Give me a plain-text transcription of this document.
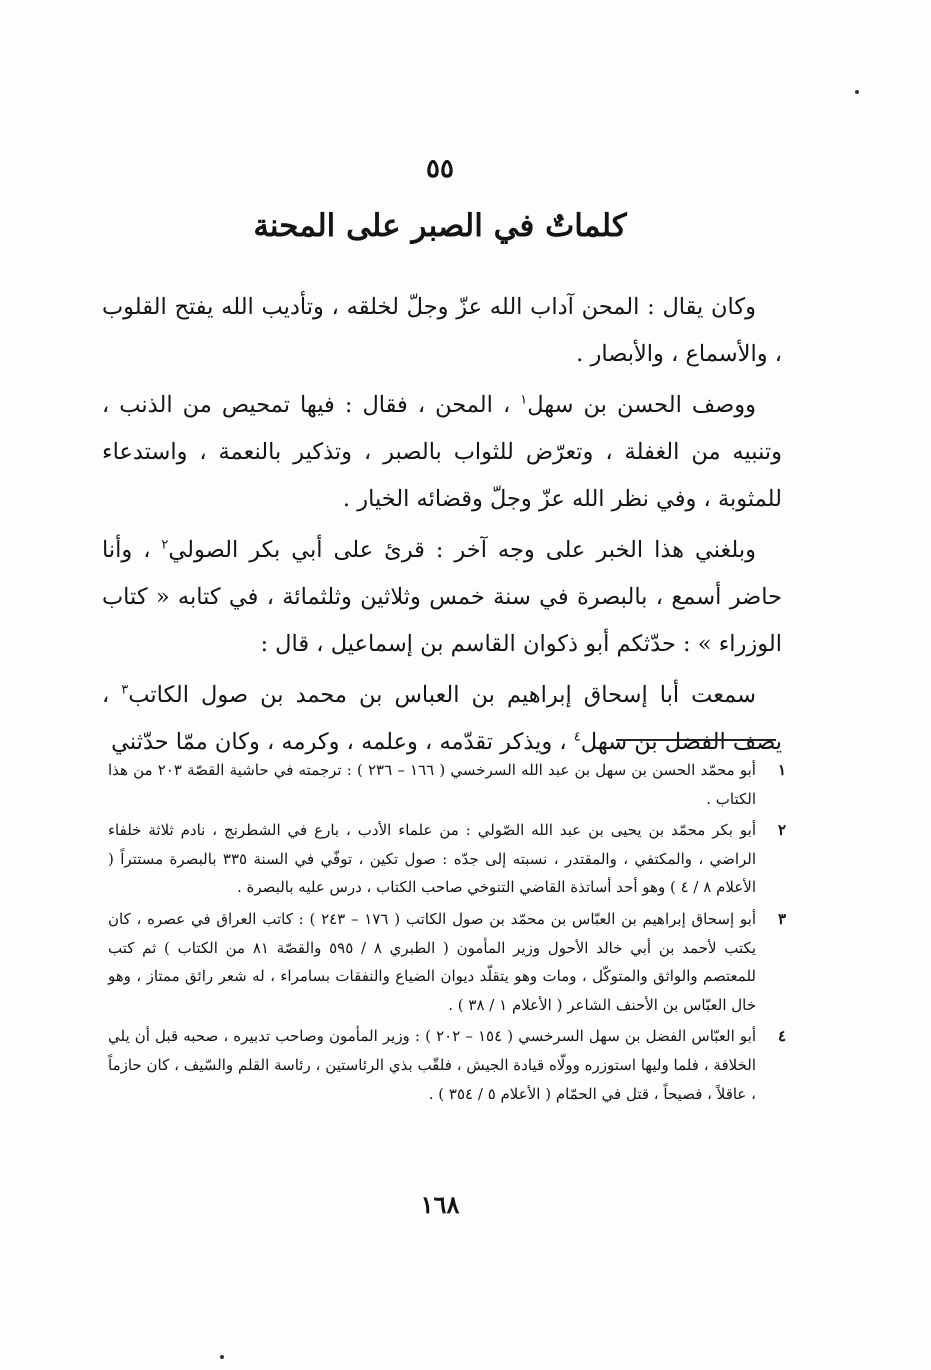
٥٥
كلماتٌ في الصبر على المحنة

وكان يقال : المحن آداب الله عزّ وجلّ لخلقه ، وتأديب الله يفتح القلوب ، والأسماع ، والأبصار .

ووصف الحسن بن سهل$^١$ ، المحن ، فقال : فيها تمحيص من الذنب ، وتنبيه من الغفلة ، وتعرّض للثواب بالصبر ، وتذكير بالنعمة ، واستدعاء للمثوبة ، وفي نظر الله عزّ وجلّ وقضائه الخيار .

وبلغني هذا الخبر على وجه آخر : قرئ على أبي بكر الصولي$^٢$ ، وأنا حاضر أسمع ، بالبصرة في سنة خمس وثلاثين وثلثمائة ، في كتابه « كتاب الوزراء » : حدّثكم أبو ذكوان القاسم بن إسماعيل ، قال :

سمعت أبا إسحاق إبراهيم بن العباس بن محمد بن صول الكاتب$^٣$ ، يصف الفضل بن سهل$^٤$ ، ويذكر تقدّمه ، وعلمه ، وكرمه ، وكان ممّا حدّثني

١
أبو محمّد الحسن بن سهل بن عبد الله السرخسي ( ١٦٦ – ٢٣٦ ) : ترجمته في حاشية القصّة ٢٠٣ من هذا الكتاب .
٢
أبو بكر محمّد بن يحيى بن عبد الله الصّولي : من علماء الأدب ، بارع في الشطرنج ، نادم ثلاثة خلفاء الراضي ، والمكتفي ، والمقتدر ، نسبته إلى جدّه : صول تكين ، توفّي في السنة ٣٣٥ بالبصرة مستتراً ( الأعلام ٨ / ٤ ) وهو أحد أساتذة القاضي التنوخي صاحب الكتاب ، درس عليه بالبصرة .
٣
أبو إسحاق إبراهيم بن العبّاس بن محمّد بن صول الكاتب ( ١٧٦ – ٢٤٣ ) : كاتب العراق في عصره ، كان يكتب لأحمد بن أبي خالد الأحول وزير المأمون ( الطبري ٨ / ٥٩٥ والقصّة ٨١ من الكتاب ) ثم كتب للمعتصم والواثق والمتوكّل ، ومات وهو يتقلّد ديوان الضياع والنفقات بسامراء ، له شعر رائق ممتاز ، وهو خال العبّاس بن الأحنف الشاعر ( الأعلام ١ / ٣٨ ) .
٤
أبو العبّاس الفضل بن سهل السرخسي ( ١٥٤ – ٢٠٢ ) : وزير المأمون وصاحب تدبيره ، صحبه قبل أن يلي الخلافة ، فلما وليها استوزره وولّاه قيادة الجيش ، فلقّب بذي الرئاستين ، رئاسة القلم والسّيف ، كان حازماً ، عاقلاً ، فصيحاً ، قتل في الحمّام ( الأعلام ٥ / ٣٥٤ ) .
١٦٨
